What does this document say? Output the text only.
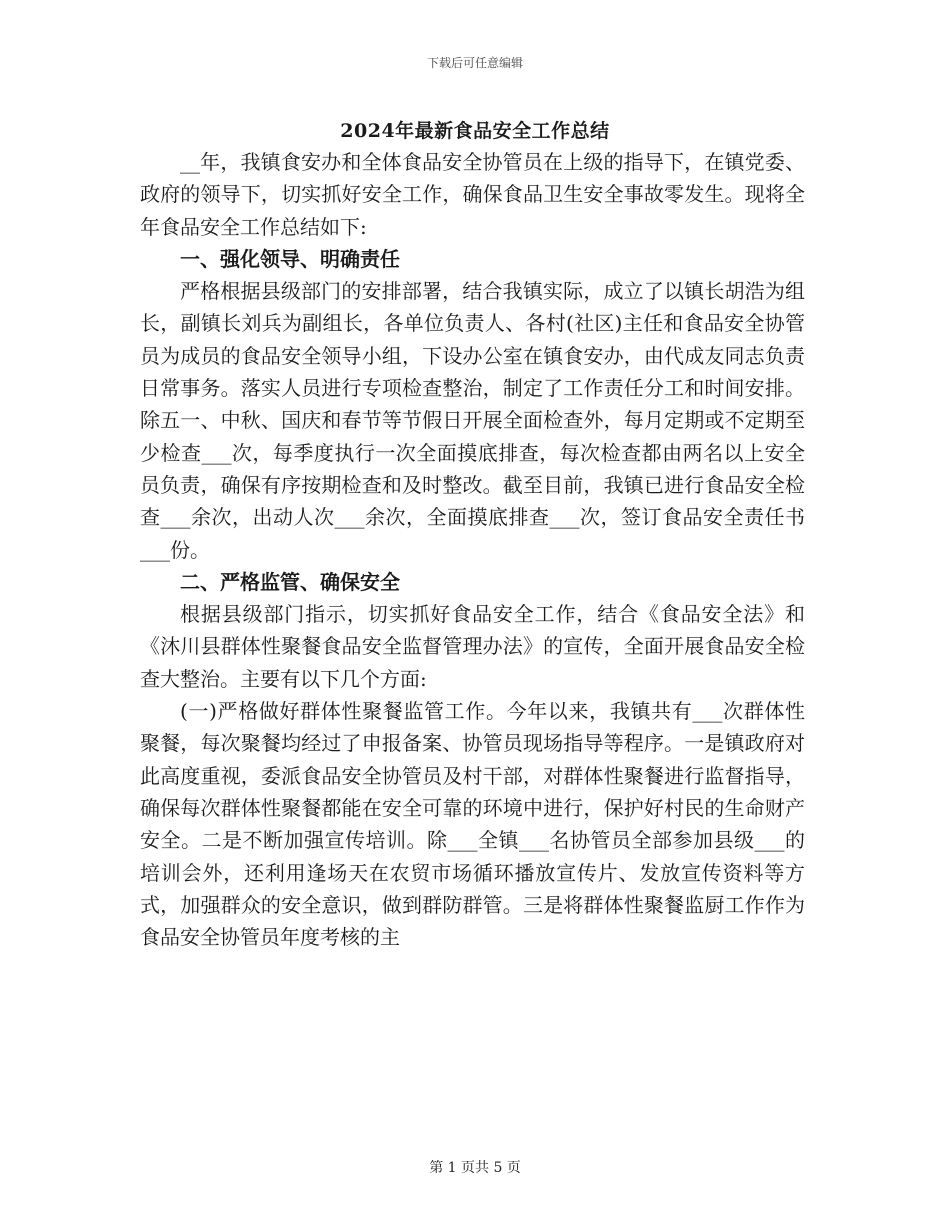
下载后可任意编辑
2024年最新食品安全工作总结

__年，我镇食安办和全体食品安全协管员在上级的指导下，在镇党委、政府的领导下，切实抓好安全工作，确保食品卫生安全事故零发生。现将全年食品安全工作总结如下:

一、强化领导、明确责任

严格根据县级部门的安排部署，结合我镇实际，成立了以镇长胡浩为组长，副镇长刘兵为副组长，各单位负责人、各村(社区)主任和食品安全协管员为成员的食品安全领导小组，下设办公室在镇食安办，由代成友同志负责日常事务。落实人员进行专项检查整治，制定了工作责任分工和时间安排。除五一、中秋、国庆和春节等节假日开展全面检查外，每月定期或不定期至少检查___次，每季度执行一次全面摸底排查，每次检查都由两名以上安全员负责，确保有序按期检查和及时整改。截至目前，我镇已进行食品安全检查___余次，出动人次___余次，全面摸底排查___次，签订食品安全责任书___份。

二、严格监管、确保安全

根据县级部门指示，切实抓好食品安全工作，结合《食品安全法》和《沐川县群体性聚餐食品安全监督管理办法》的宣传，全面开展食品安全检查大整治。主要有以下几个方面:

(一)严格做好群体性聚餐监管工作。今年以来，我镇共有___次群体性聚餐，每次聚餐均经过了申报备案、协管员现场指导等程序。一是镇政府对此高度重视，委派食品安全协管员及村干部，对群体性聚餐进行监督指导，确保每次群体性聚餐都能在安全可靠的环境中进行，保护好村民的生命财产安全。二是不断加强宣传培训。除___全镇___名协管员全部参加县级___的培训会外，还利用逢场天在农贸市场循环播放宣传片、发放宣传资料等方式，加强群众的安全意识，做到群防群管。三是将群体性聚餐监厨工作作为食品安全协管员年度考核的主

第 1 页共 5 页
